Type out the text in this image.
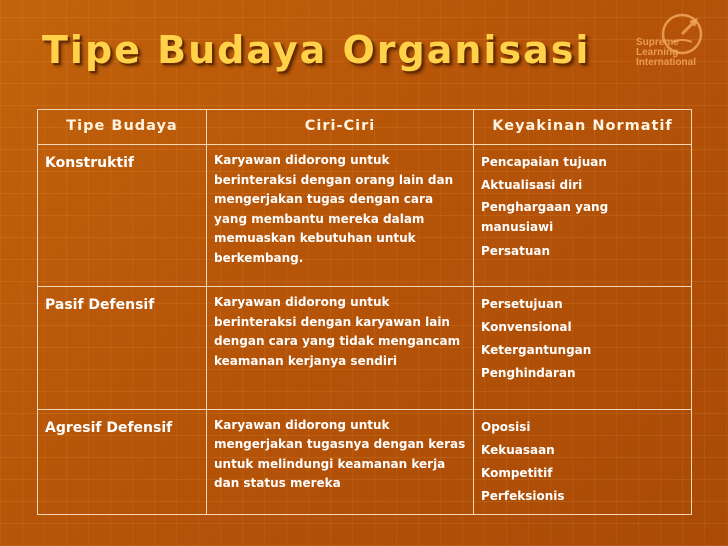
Tipe Budaya Organisasi	Supreme
Learning
International
Tipe Budaya	Ciri-Ciri	Keyakinan Normatif
Konstruktif	Karyawan didorong untuk berinteraksi dengan orang lain dan mengerjakan tugas dengan cara yang membantu mereka dalam memuaskan kebutuhan untuk berkembang.	Pencapaian tujuan
Aktualisasi diri
Penghargaan yang manusiawi
Persatuan

Pasif Defensif	Karyawan didorong untuk berinteraksi dengan karyawan lain dengan cara yang tidak mengancam keamanan kerjanya sendiri	Persetujuan
Konvensional
Ketergantungan
Penghindaran

Agresif Defensif	Karyawan didorong untuk mengerjakan tugasnya dengan keras untuk melindungi keamanan kerja dan status mereka	Oposisi
Kekuasaan
Kompetitif
Perfeksionis
